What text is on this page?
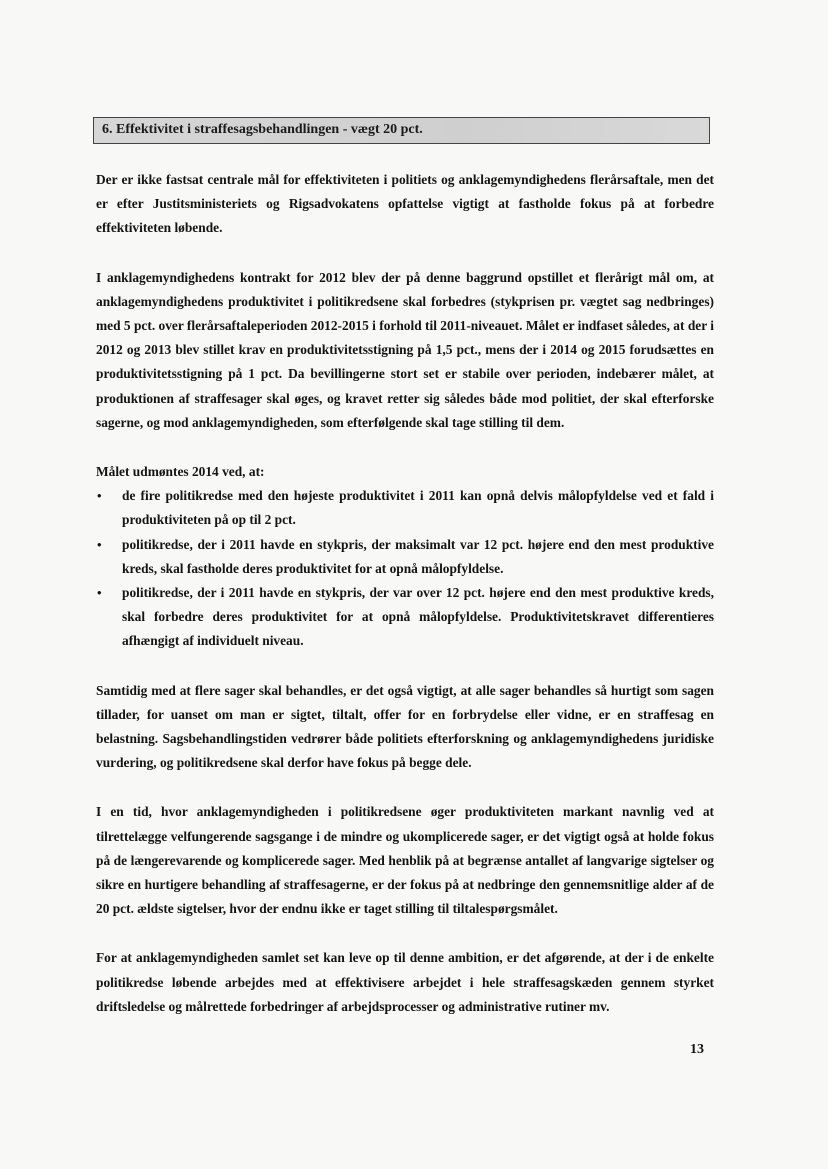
6. Effektivitet i straffesagsbehandlingen - vægt 20 pct.

Der er ikke fastsat centrale mål for effektiviteten i politiets og anklagemyndighedens flerårsaftale, men det er efter Justitsministeriets og Rigsadvokatens opfattelse vigtigt at fastholde fokus på at forbedre effektiviteten løbende.

I anklagemyndighedens kontrakt for 2012 blev der på denne baggrund opstillet et flerårigt mål om, at anklagemyndighedens produktivitet i politikredsene skal forbedres (stykprisen pr. vægtet sag nedbringes) med 5 pct. over flerårsaftaleperioden 2012-2015 i forhold til 2011-niveauet. Målet er indfaset således, at der i 2012 og 2013 blev stillet krav en produktivitetsstigning på 1,5 pct., mens der i 2014 og 2015 forudsættes en produktivitetsstigning på 1 pct. Da bevillingerne stort set er stabile over perioden, indebærer målet, at produktionen af straffesager skal øges, og kravet retter sig således både mod politiet, der skal efterforske sagerne, og mod anklagemyndigheden, som efterfølgende skal tage stilling til dem.

Målet udmøntes 2014 ved, at:

• de fire politikredse med den højeste produktivitet i 2011 kan opnå delvis målopfyldelse ved et fald i produktiviteten på op til 2 pct.
• politikredse, der i 2011 havde en stykpris, der maksimalt var 12 pct. højere end den mest produktive kreds, skal fastholde deres produktivitet for at opnå målopfyldelse.
• politikredse, der i 2011 havde en stykpris, der var over 12 pct. højere end den mest produktive kreds, skal forbedre deres produktivitet for at opnå målopfyldelse. Produktivitetskravet differentieres afhængigt af individuelt niveau.

Samtidig med at flere sager skal behandles, er det også vigtigt, at alle sager behandles så hurtigt som sagen tillader, for uanset om man er sigtet, tiltalt, offer for en forbrydelse eller vidne, er en straffesag en belastning. Sagsbehandlingstiden vedrører både politiets efterforskning og anklagemyndighedens juridiske vurdering, og politikredsene skal derfor have fokus på begge dele.

I en tid, hvor anklagemyndigheden i politikredsene øger produktiviteten markant navnlig ved at tilrettelægge velfungerende sagsgange i de mindre og ukomplicerede sager, er det vigtigt også at holde fokus på de længerevarende og komplicerede sager. Med henblik på at begrænse antallet af langvarige sigtelser og sikre en hurtigere behandling af straffesagerne, er der fokus på at nedbringe den gennemsnitlige alder af de 20 pct. ældste sigtelser, hvor der endnu ikke er taget stilling til tiltalespørgsmålet.

For at anklagemyndigheden samlet set kan leve op til denne ambition, er det afgørende, at der i de enkelte politikredse løbende arbejdes med at effektivisere arbejdet i hele straffesagskæden gennem styrket driftsledelse og målrettede forbedringer af arbejdsprocesser og administrative rutiner mv.

13
